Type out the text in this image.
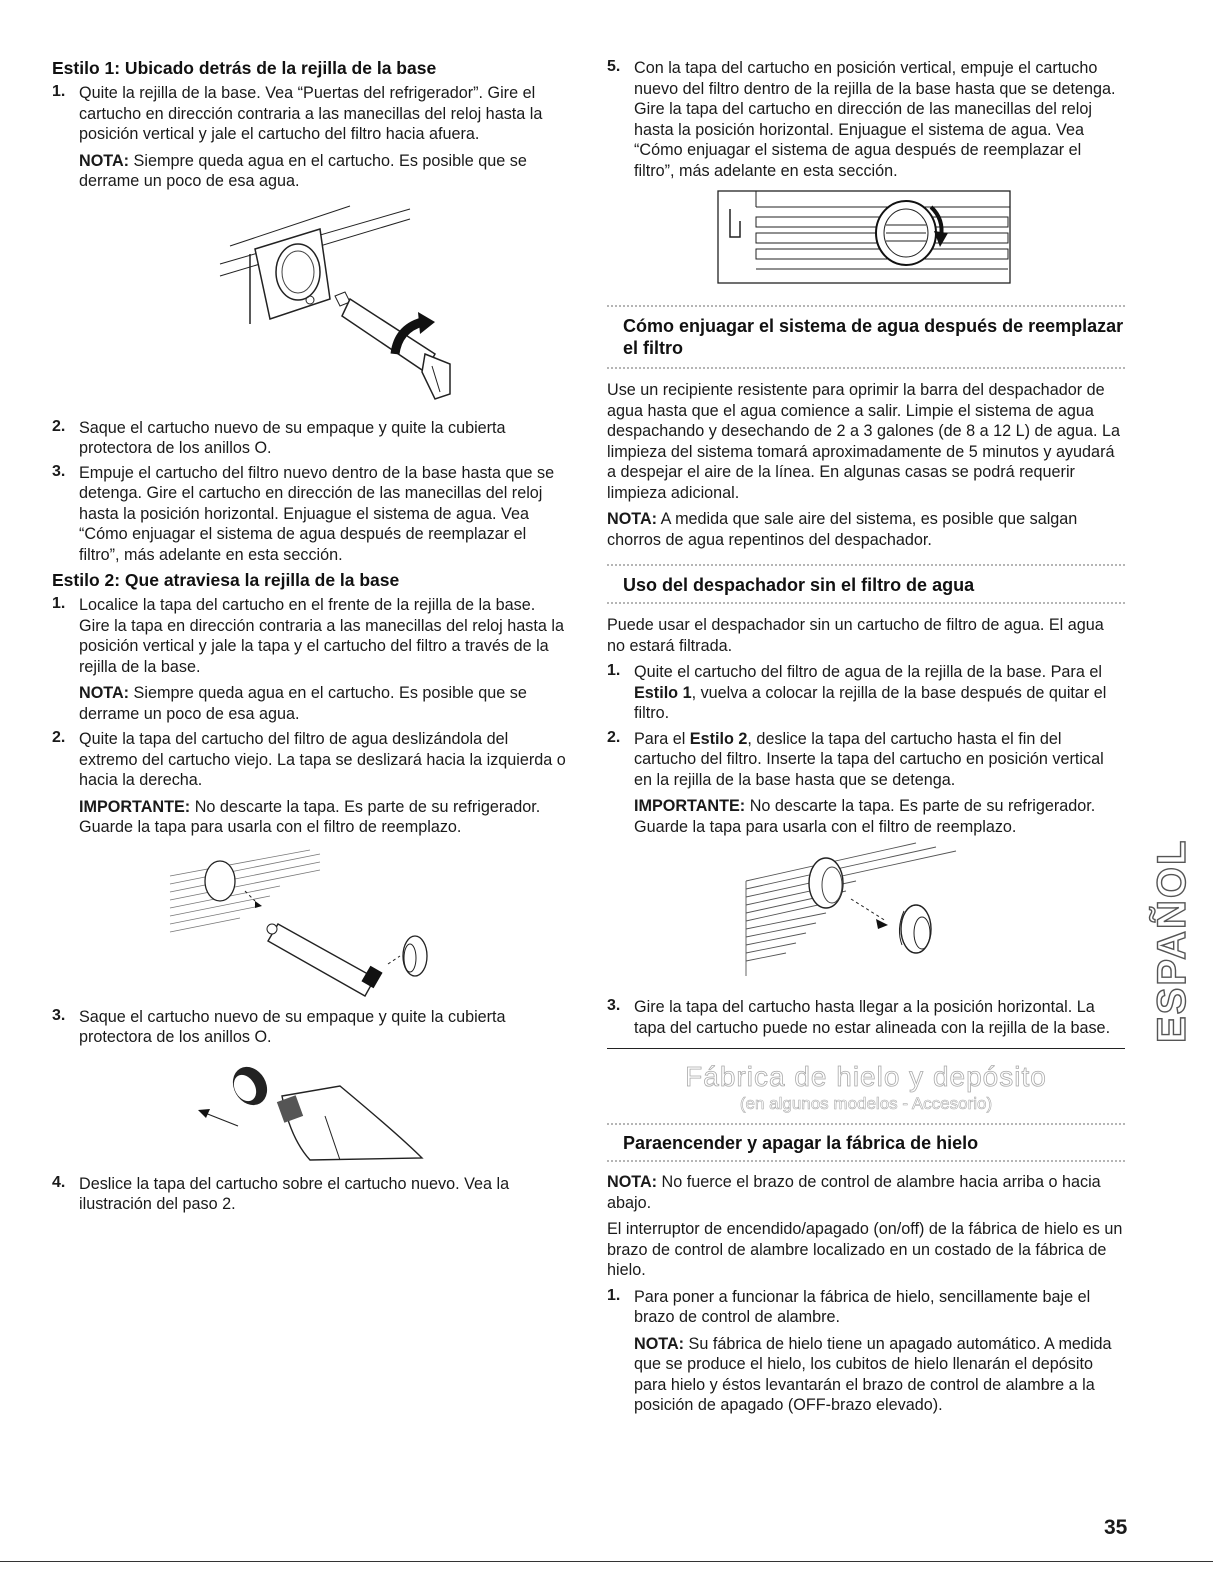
Estilo 1: Ubicado detrás de la rejilla de la base
1. Quite la rejilla de la base. Vea “Puertas del refrigerador”. Gire el cartucho en dirección contraria a las manecillas del reloj hasta la posición vertical y jale el cartucho del filtro hacia afuera.

NOTA: Siempre queda agua en el cartucho. Es posible que se derrame un poco de esa agua.

2. Saque el cartucho nuevo de su empaque y quite la cubierta protectora de los anillos O.

3. Empuje el cartucho del filtro nuevo dentro de la base hasta que se detenga. Gire el cartucho en dirección de las manecillas del reloj hasta la posición horizontal. Enjuague el sistema de agua. Vea “Cómo enjuagar el sistema de agua después de reemplazar el filtro”, más adelante en esta sección.

Estilo 2: Que atraviesa la rejilla de la base
1. Localice la tapa del cartucho en el frente de la rejilla de la base. Gire la tapa en dirección contraria a las manecillas del reloj hasta la posición vertical y jale la tapa y el cartucho del filtro a través de la rejilla de la base.

NOTA: Siempre queda agua en el cartucho. Es posible que se derrame un poco de esa agua.

2. Quite la tapa del cartucho del filtro de agua deslizándola del extremo del cartucho viejo. La tapa se deslizará hacia la izquierda o hacia la derecha.

IMPORTANTE: No descarte la tapa. Es parte de su refrigerador. Guarde la tapa para usarla con el filtro de reemplazo.

3. Saque el cartucho nuevo de su empaque y quite la cubierta protectora de los anillos O.

4. Deslice la tapa del cartucho sobre el cartucho nuevo. Vea la ilustración del paso 2.

5. Con la tapa del cartucho en posición vertical, empuje el cartucho nuevo del filtro dentro de la rejilla de la base hasta que se detenga. Gire la tapa del cartucho en dirección de las manecillas del reloj hasta la posición horizontal. Enjuague el sistema de agua. Vea “Cómo enjuagar el sistema de agua después de reemplazar el filtro”, más adelante en esta sección.

Cómo enjuagar el sistema de agua después de reemplazar el filtro

Use un recipiente resistente para oprimir la barra del despachador de agua hasta que el agua comience a salir. Limpie el sistema de agua despachando y desechando de 2 a 3 galones (de 8 a 12 L) de agua. La limpieza del sistema tomará aproximadamente de 5 minutos y ayudará a despejar el aire de la línea. En algunas casas se podrá requerir limpieza adicional.

NOTA: A medida que sale aire del sistema, es posible que salgan chorros de agua repentinos del despachador.

Uso del despachador sin el filtro de agua

Puede usar el despachador sin un cartucho de filtro de agua. El agua no estará filtrada.

1. Quite el cartucho del filtro de agua de la rejilla de la base. Para el Estilo 1, vuelva a colocar la rejilla de la base después de quitar el filtro.

2. Para el Estilo 2, deslice la tapa del cartucho hasta el fin del cartucho del filtro. Inserte la tapa del cartucho en posición vertical en la rejilla de la base hasta que se detenga.

IMPORTANTE: No descarte la tapa. Es parte de su refrigerador. Guarde la tapa para usarla con el filtro de reemplazo.

3. Gire la tapa del cartucho hasta llegar a la posición horizontal. La tapa del cartucho puede no estar alineada con la rejilla de la base.

Fábrica de hielo y depósito
(en algunos modelos - Accesorio)
Paraencender y apagar la fábrica de hielo

NOTA: No fuerce el brazo de control de alambre hacia arriba o hacia abajo.

El interruptor de encendido/apagado (on/off) de la fábrica de hielo es un brazo de control de alambre localizado en un costado de la fábrica de hielo.

1. Para poner a funcionar la fábrica de hielo, sencillamente baje el brazo de control de alambre.

NOTA: Su fábrica de hielo tiene un apagado automático. A medida que se produce el hielo, los cubitos de hielo llenarán el depósito para hielo y éstos levantarán el brazo de control de alambre a la posición de apagado (OFF-brazo elevado).

ESPAÑOL
35
